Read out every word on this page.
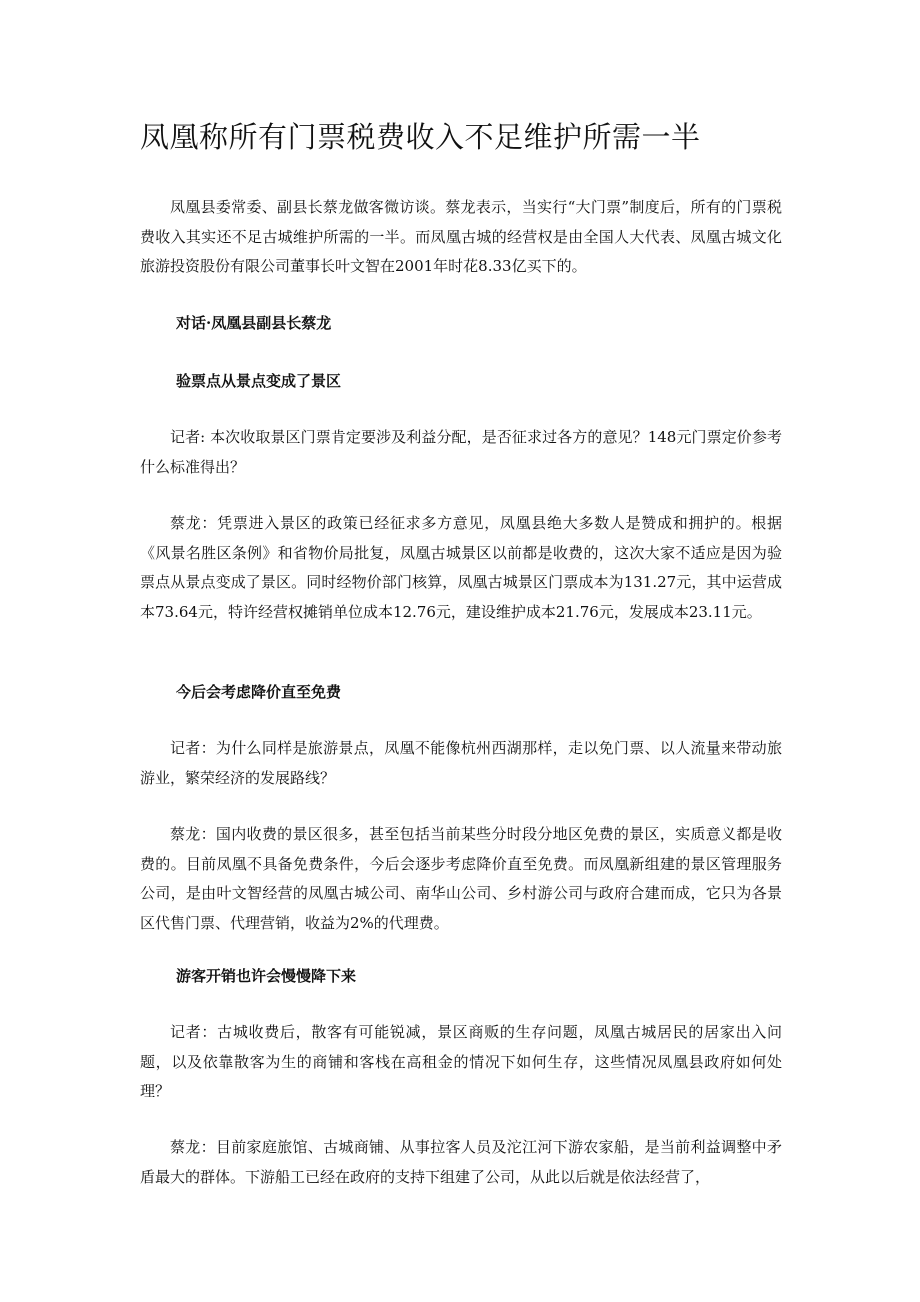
凤凰称所有门票税费收入不足维护所需一半

凤凰县委常委、副县长蔡龙做客微访谈。蔡龙表示，当实行“大门票”制度后，所有的门票税费收入其实还不足古城维护所需的一半。而凤凰古城的经营权是由全国人大代表、凤凰古城文化旅游投资股份有限公司董事长叶文智在2001年时花8.33亿买下的。

对话·凤凰县副县长蔡龙

验票点从景点变成了景区

记者: 本次收取景区门票肯定要涉及利益分配，是否征求过各方的意见？148元门票定价参考什么标准得出？

蔡龙：凭票进入景区的政策已经征求多方意见，凤凰县绝大多数人是赞成和拥护的。根据《风景名胜区条例》和省物价局批复，凤凰古城景区以前都是收费的，这次大家不适应是因为验票点从景点变成了景区。同时经物价部门核算，凤凰古城景区门票成本为131.27元，其中运营成本73.64元，特许经营权摊销单位成本12.76元，建设维护成本21.76元，发展成本23.11元。

今后会考虑降价直至免费

记者：为什么同样是旅游景点，凤凰不能像杭州西湖那样，走以免门票、以人流量来带动旅游业，繁荣经济的发展路线？

蔡龙：国内收费的景区很多，甚至包括当前某些分时段分地区免费的景区，实质意义都是收费的。目前凤凰不具备免费条件，今后会逐步考虑降价直至免费。而凤凰新组建的景区管理服务公司，是由叶文智经营的凤凰古城公司、南华山公司、乡村游公司与政府合建而成，它只为各景区代售门票、代理营销，收益为2%的代理费。

游客开销也许会慢慢降下来

记者：古城收费后，散客有可能锐减，景区商贩的生存问题，凤凰古城居民的居家出入问题，以及依靠散客为生的商铺和客栈在高租金的情况下如何生存，这些情况凤凰县政府如何处理？

蔡龙：目前家庭旅馆、古城商铺、从事拉客人员及沱江河下游农家船，是当前利益调整中矛盾最大的群体。下游船工已经在政府的支持下组建了公司，从此以后就是依法经营了，
